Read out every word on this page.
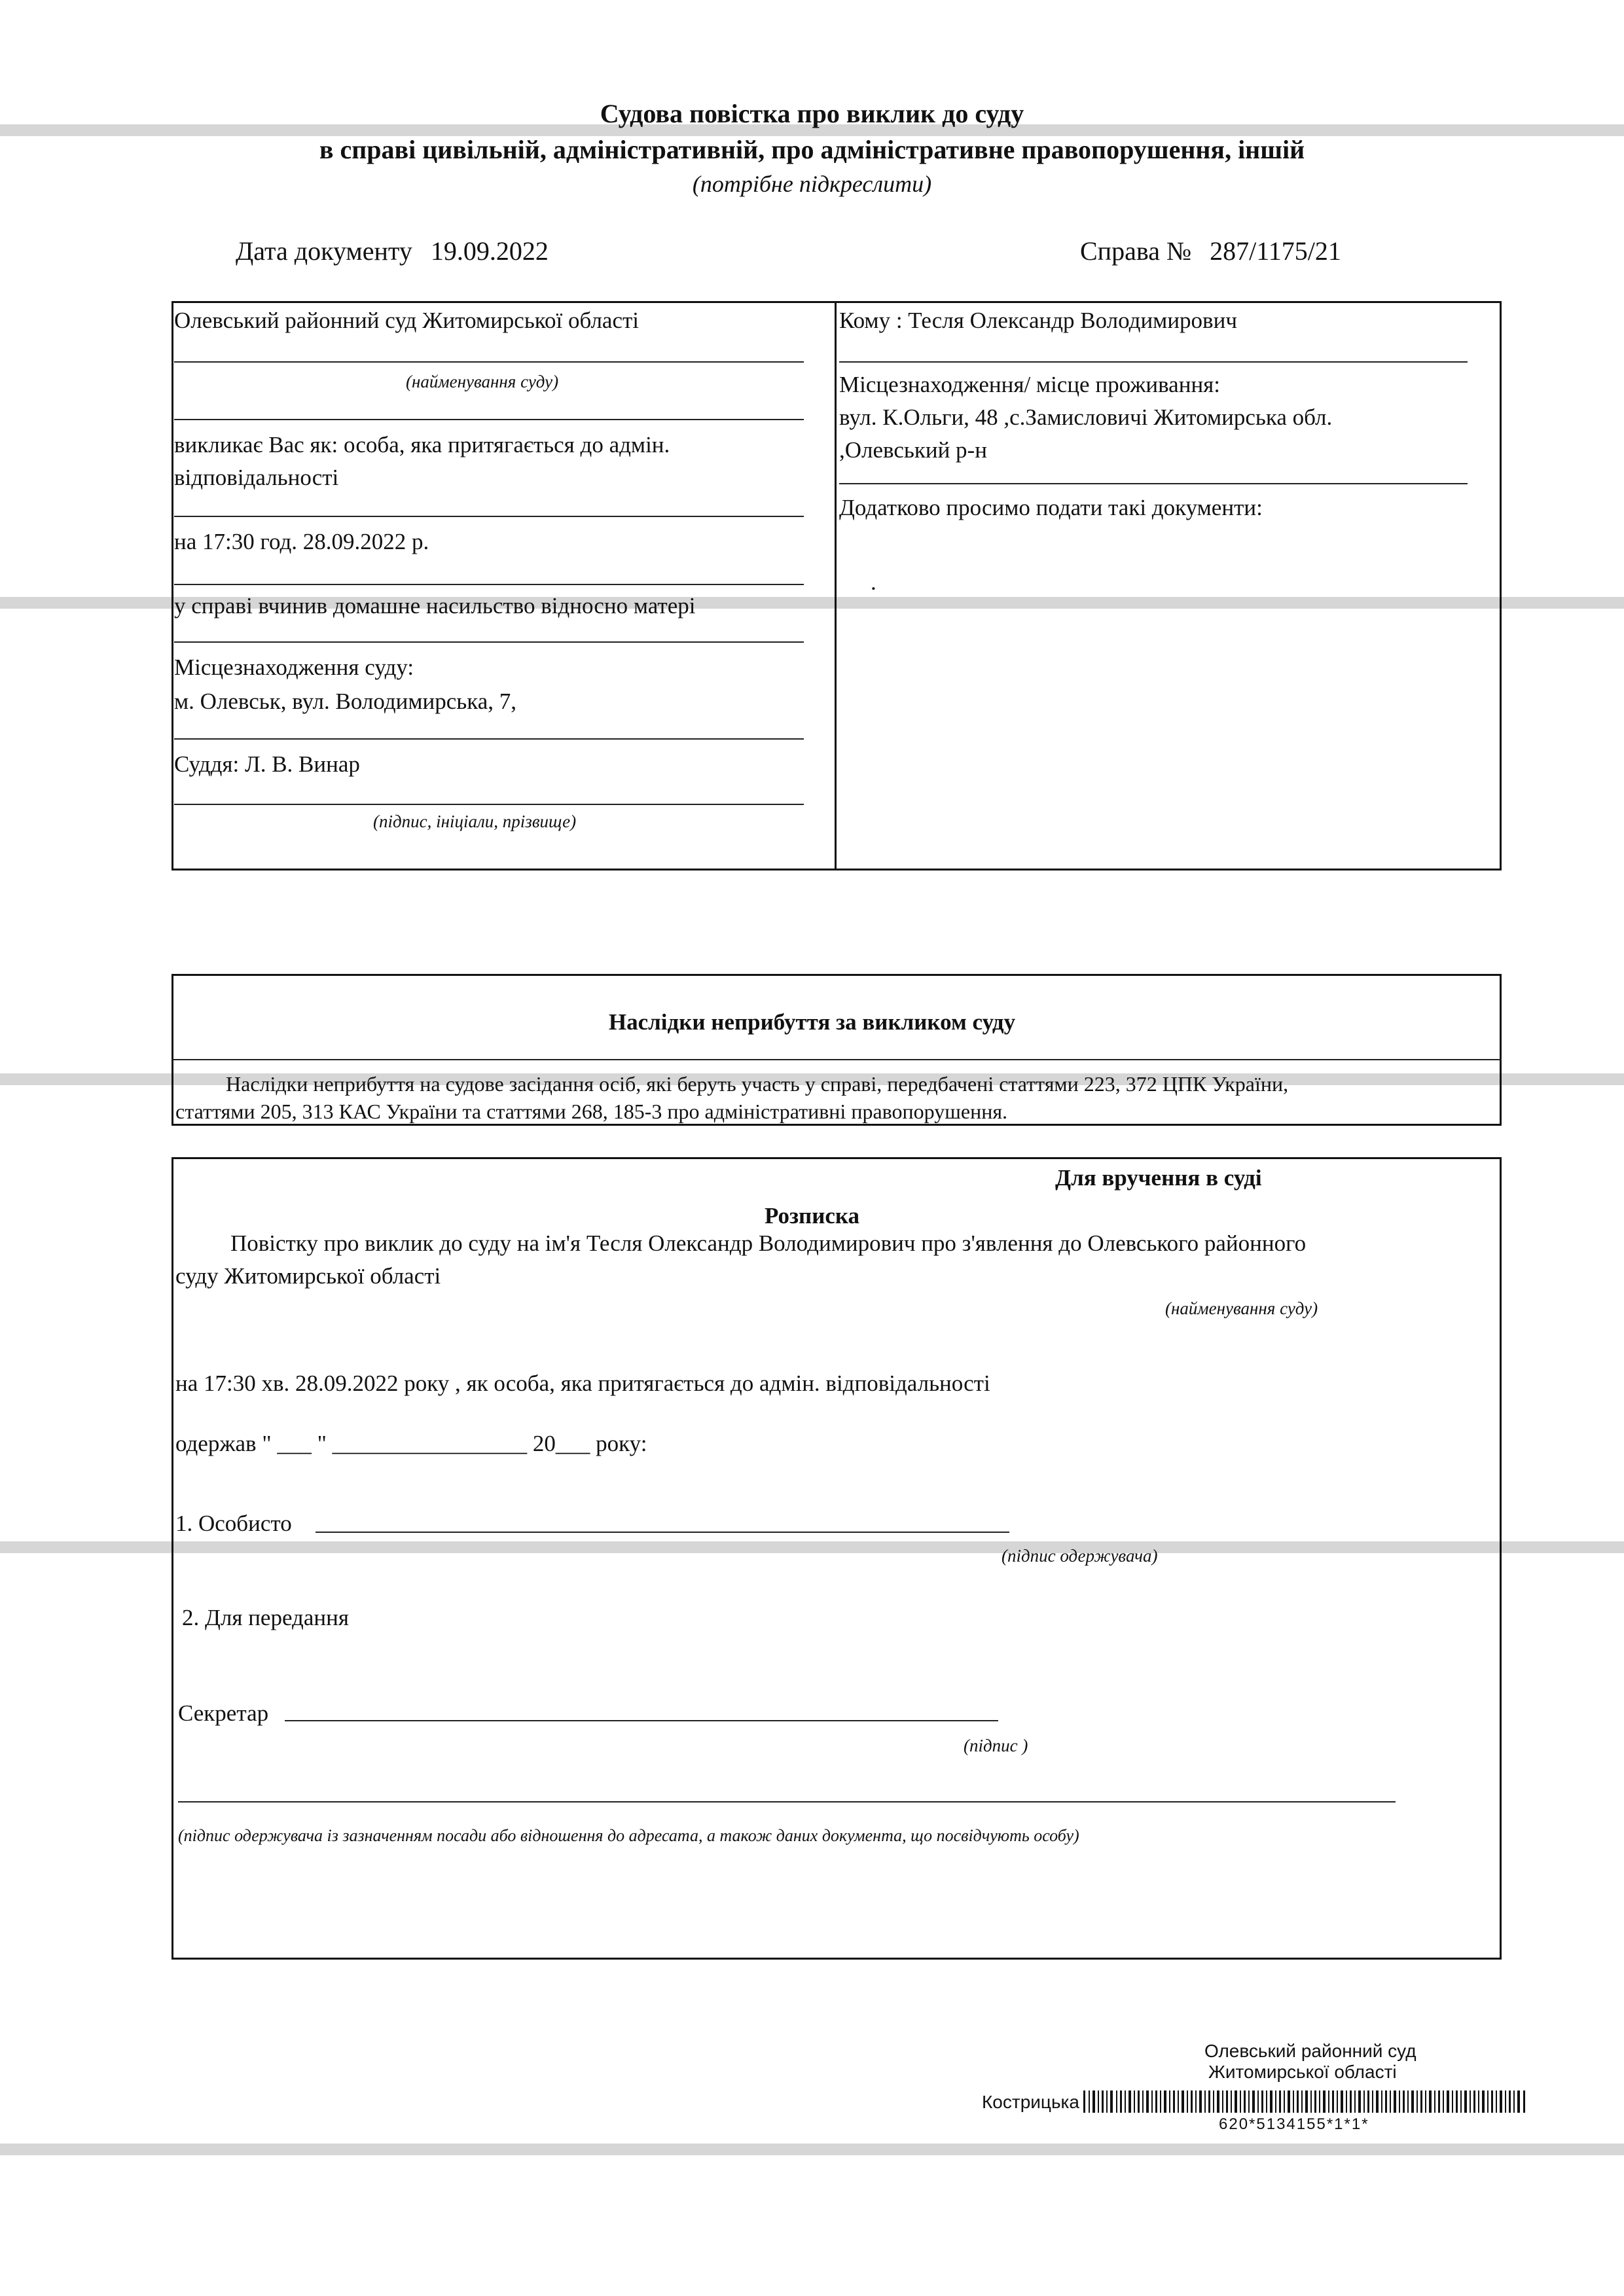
Судова повістка про виклик до суду
в справі цивільній, адміністративній, про адміністративне правопорушення, іншій
(потрібне підкреслити)
Дата документу 19.09.2022	Справа № 287/1175/21
Олевський районний суд Житомирської області
(найменування суду)
викликає Вас як: особа, яка притягається до адмін.
відповідальності
на 17:30 год. 28.09.2022 р.
у справі вчинив домашне насильство відносно матері
Місцезнаходження суду:
м. Олевськ, вул. Володимирська, 7,
Суддя: Л. В. Винар
(підпис, ініціали, прізвище)
Кому : Тесля Олександр Володимирович
Місцезнаходження/ місце проживання:
вул. К.Ольги, 48 ,с.Замисловичі Житомирська обл.
,Олевський р-н
Додатково просимо подати такі документи:
.
Наслідки неприбуття за викликом суду
Наслідки неприбуття на судове засідання осіб, які беруть участь у справі, передбачені статтями 223, 372 ЦПК України,
статтями 205, 313 КАС України та статтями 268, 185-3 про адміністративні правопорушення.
Для вручення в суді
Розписка
Повістку про виклик до суду на ім'я Тесля Олександр Володимирович про з'явлення до Олевського районного
суду Житомирської області
(найменування суду)
на 17:30 хв. 28.09.2022 року , як особа, яка притягається до адмін. відповідальності
одержав " ___ " _________________ 20___ року:
1. Особисто
(підпис одержувача)
2. Для передання
Секретар
(підпис )
(підпис одержувача із зазначенням посади або відношення до адресата, а також даних документа, що посвідчують особу)
Олевський районний суд
Житомирської області
Кострицька
620*5134155*1*1*
